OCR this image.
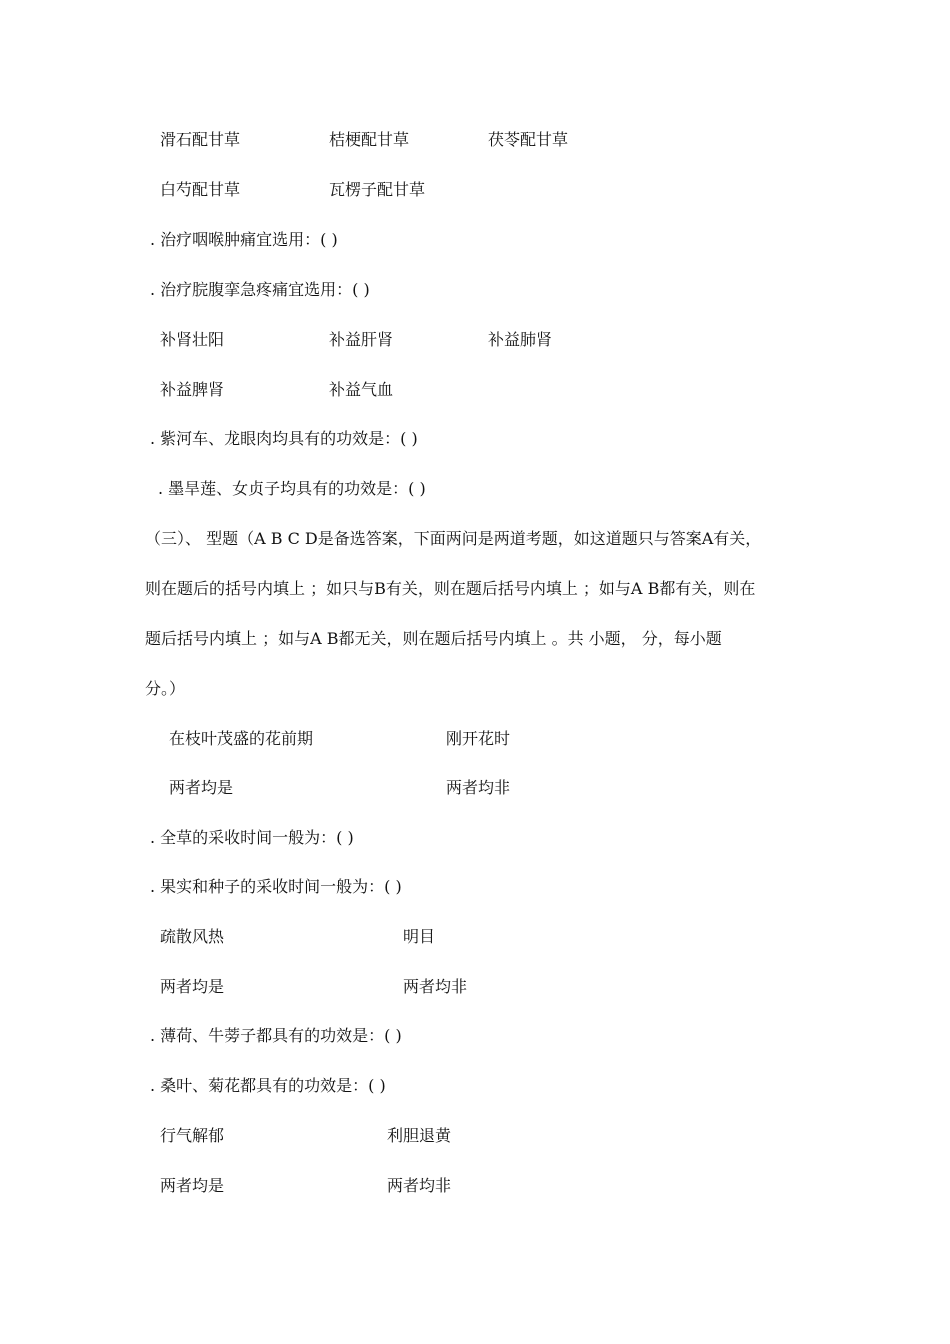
滑石配甘草	桔梗配甘草	茯苓配甘草
白芍配甘草	瓦楞子配甘草
. 治疗咽喉肿痛宜选用：( )
. 治疗脘腹挛急疼痛宜选用：( )
补肾壮阳	补益肝肾	补益肺肾
补益脾肾	补益气血
. 紫河车、龙眼肉均具有的功效是：( )
. 墨旱莲、女贞子均具有的功效是：( )
（三）、 型题（A B C D是备选答案，下面两问是两道考题，如这道题只与答案A有关，
则在题后的括号内填上 ；如只与B有关，则在题后括号内填上 ；如与A B都有关，则在
题后括号内填上 ；如与A B都无关，则在题后括号内填上 。共 小题， 分，每小题
分。）
在枝叶茂盛的花前期	刚开花时
两者均是	两者均非
. 全草的采收时间一般为：( )
. 果实和种子的采收时间一般为：( )
疏散风热	明目
两者均是	两者均非
. 薄荷、牛蒡子都具有的功效是：( )
. 桑叶、菊花都具有的功效是：( )
行气解郁	利胆退黄
两者均是	两者均非
